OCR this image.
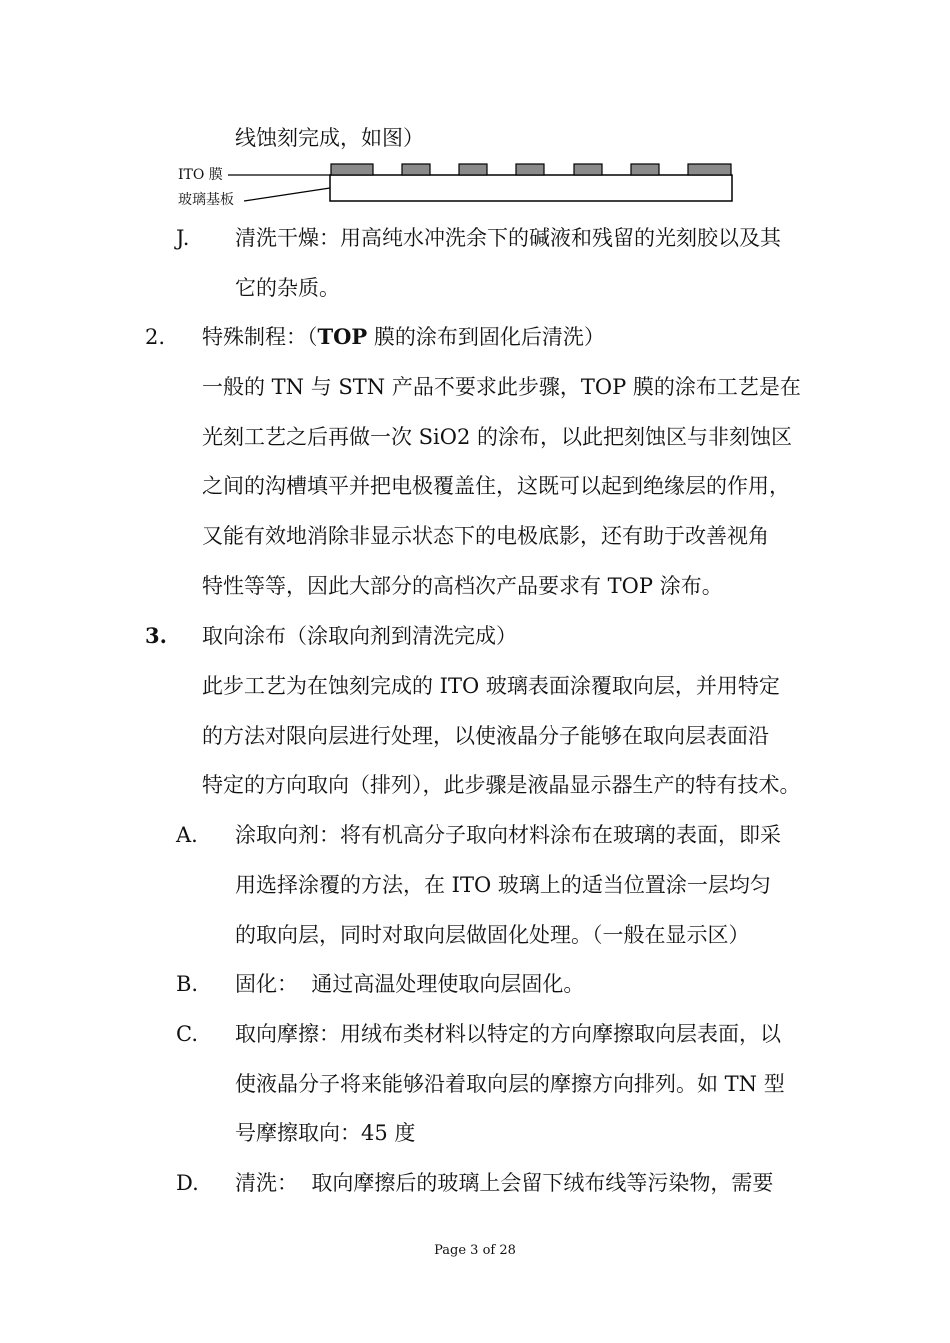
线蚀刻完成，如图）
ITO 膜
玻璃基板
J. 清洗干燥：用高纯水冲洗余下的碱液和残留的光刻胶以及其
它的杂质。
2. 特殊制程：（TOP 膜的涂布到固化后清洗）
一般的 TN 与 STN 产品不要求此步骤，TOP 膜的涂布工艺是在
光刻工艺之后再做一次 SiO2 的涂布，以此把刻蚀区与非刻蚀区
之间的沟槽填平并把电极覆盖住，这既可以起到绝缘层的作用，
又能有效地消除非显示状态下的电极底影，还有助于改善视角
特性等等，因此大部分的高档次产品要求有 TOP 涂布。
3. 取向涂布（涂取向剂到清洗完成）
此步工艺为在蚀刻完成的 ITO 玻璃表面涂覆取向层，并用特定
的方法对限向层进行处理，以使液晶分子能够在取向层表面沿
特定的方向取向（排列），此步骤是液晶显示器生产的特有技术。
A. 涂取向剂：将有机高分子取向材料涂布在玻璃的表面，即采
用选择涂覆的方法，在 ITO 玻璃上的适当位置涂一层均匀
的取向层，同时对取向层做固化处理。（一般在显示区）
B. 固化：  通过高温处理使取向层固化。
C. 取向摩擦：用绒布类材料以特定的方向摩擦取向层表面，以
使液晶分子将来能够沿着取向层的摩擦方向排列。如 TN 型
号摩擦取向：45 度
D. 清洗：  取向摩擦后的玻璃上会留下绒布线等污染物，需要
Page 3 of 28
